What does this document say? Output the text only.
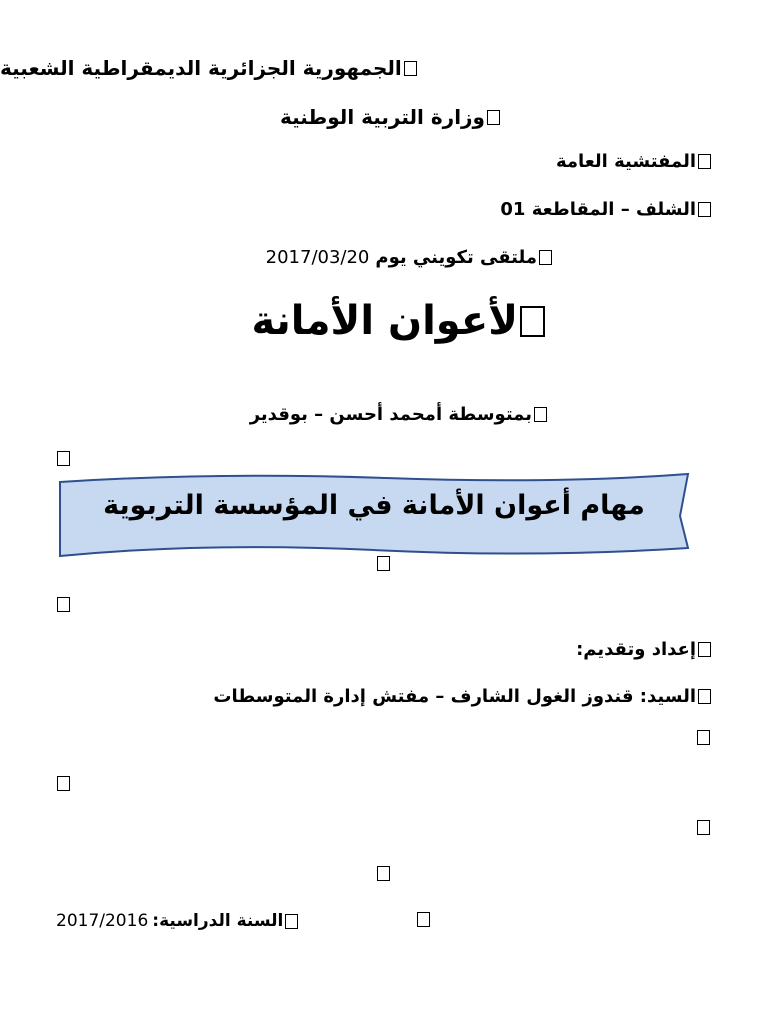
الجمهورية الجزائرية الديمقراطية الشعبية
وزارة التربية الوطنية
المفتشية العامة
الشلف – المقاطعة 01
ملتقى تكويني يوم
2017/03/20
لأعوان الأمانة
بمتوسطة أمحمد أحسن – بوقدير
مهام أعوان الأمانة في المؤسسة التربوية
إعداد وتقديم:
السيد: قندوز الغول الشارف – مفتش إدارة المتوسطات
السنة الدراسية:
2017/2016
